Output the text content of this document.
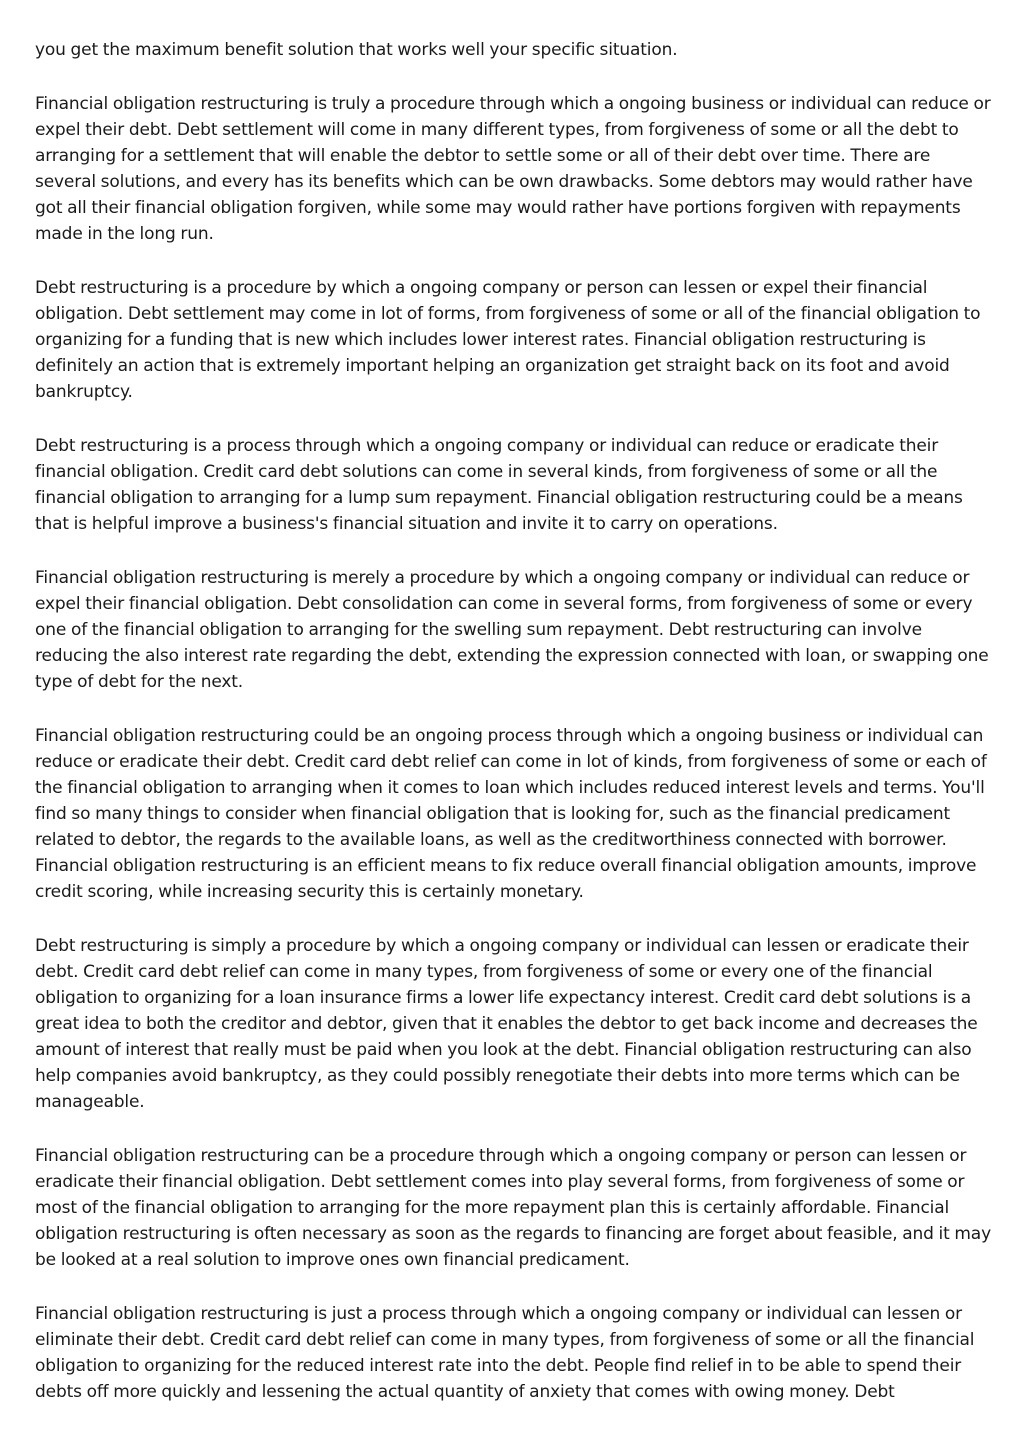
you get the maximum benefit solution that works well your specific situation.

Financial obligation restructuring is truly a procedure through which a ongoing business or individual can reduce or expel their debt. Debt settlement will come in many different types, from forgiveness of some or all the debt to arranging for a settlement that will enable the debtor to settle some or all of their debt over time. There are several solutions, and every has its benefits which can be own drawbacks. Some debtors may would rather have got all their financial obligation forgiven, while some may would rather have portions forgiven with repayments made in the long run.

Debt restructuring is a procedure by which a ongoing company or person can lessen or expel their financial obligation. Debt settlement may come in lot of forms, from forgiveness of some or all of the financial obligation to organizing for a funding that is new which includes lower interest rates. Financial obligation restructuring is definitely an action that is extremely important helping an organization get straight back on its foot and avoid bankruptcy.

Debt restructuring is a process through which a ongoing company or individual can reduce or eradicate their financial obligation. Credit card debt solutions can come in several kinds, from forgiveness of some or all the financial obligation to arranging for a lump sum repayment. Financial obligation restructuring could be a means that is helpful improve a business's financial situation and invite it to carry on operations.

Financial obligation restructuring is merely a procedure by which a ongoing company or individual can reduce or expel their financial obligation. Debt consolidation can come in several forms, from forgiveness of some or every one of the financial obligation to arranging for the swelling sum repayment. Debt restructuring can involve reducing the also interest rate regarding the debt, extending the expression connected with loan, or swapping one type of debt for the next.

Financial obligation restructuring could be an ongoing process through which a ongoing business or individual can reduce or eradicate their debt. Credit card debt relief can come in lot of kinds, from forgiveness of some or each of the financial obligation to arranging when it comes to loan which includes reduced interest levels and terms. You'll find so many things to consider when financial obligation that is looking for, such as the financial predicament related to debtor, the regards to the available loans, as well as the creditworthiness connected with borrower. Financial obligation restructuring is an efficient means to fix reduce overall financial obligation amounts, improve credit scoring, while increasing security this is certainly monetary.

Debt restructuring is simply a procedure by which a ongoing company or individual can lessen or eradicate their debt. Credit card debt relief can come in many types, from forgiveness of some or every one of the financial obligation to organizing for a loan insurance firms a lower life expectancy interest. Credit card debt solutions is a great idea to both the creditor and debtor, given that it enables the debtor to get back income and decreases the amount of interest that really must be paid when you look at the debt. Financial obligation restructuring can also help companies avoid bankruptcy, as they could possibly renegotiate their debts into more terms which can be manageable.

Financial obligation restructuring can be a procedure through which a ongoing company or person can lessen or eradicate their financial obligation. Debt settlement comes into play several forms, from forgiveness of some or most of the financial obligation to arranging for the more repayment plan this is certainly affordable. Financial obligation restructuring is often necessary as soon as the regards to financing are forget about feasible, and it may be looked at a real solution to improve ones own financial predicament.

Financial obligation restructuring is just a process through which a ongoing company or individual can lessen or eliminate their debt. Credit card debt relief can come in many types, from forgiveness of some or all the financial obligation to organizing for the reduced interest rate into the debt. People find relief in to be able to spend their debts off more quickly and lessening the actual quantity of anxiety that comes with owing money. Debt
